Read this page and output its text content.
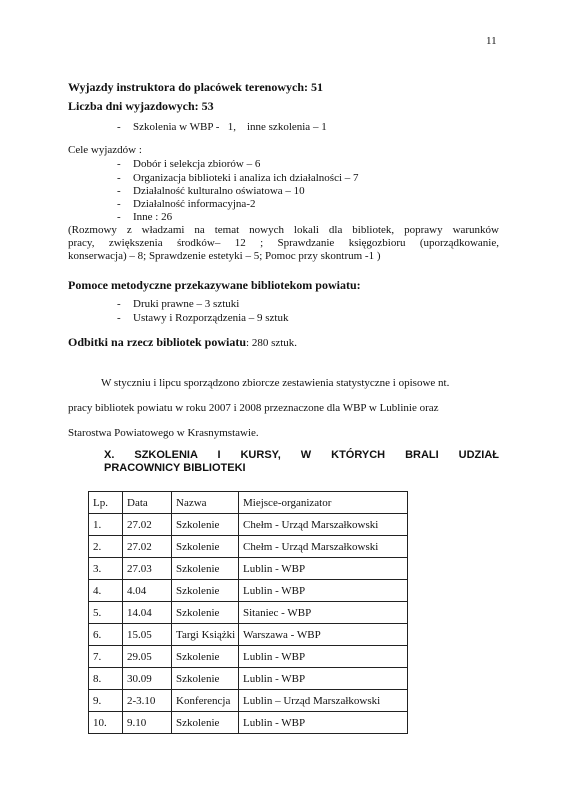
11
Wyjazdy instruktora do placówek terenowych: 51
Liczba dni wyjazdowych: 53
- Szkolenia w WBP -   1,    inne szkolenia – 1
Cele wyjazdów :
- Dobór i selekcja zbiorów – 6
- Organizacja biblioteki i analiza ich działalności – 7
- Działalność kulturalno oświatowa – 10
- Działalność informacyjna-2
- Inne : 26

(Rozmowy z władzami na temat nowych lokali dla bibliotek, poprawy warunków

pracy, zwiększenia środków– 12 ; Sprawdzanie księgozbioru (uporządkowanie,

konserwacja) – 8; Sprawdzenie estetyki – 5; Pomoc przy skontrum -1 )

Pomoce metodyczne przekazywane bibliotekom powiatu:
- Druki prawne – 3 sztuki
- Ustawy i Rozporządzenia – 9 sztuk
Odbitki na rzecz bibliotek powiatu: 280 sztuk.

W styczniu i lipcu sporządzono zbiorcze zestawienia statystyczne i opisowe nt.

pracy bibliotek powiatu w roku 2007 i 2008 przeznaczone dla WBP w Lublinie oraz

Starostwa Powiatowego w Krasnymstawie.

X. SZKOLENIA I KURSY, W KTÓRYCH BRALI UDZIAŁ

PRACOWNICY BIBLIOTEKI

Lp.	Data	Nazwa	Miejsce-organizator
1.	27.02	Szkolenie	Chełm - Urząd Marszałkowski
2.	27.02	Szkolenie	Chełm - Urząd Marszałkowski
3.	27.03	Szkolenie	Lublin - WBP
4.	4.04	Szkolenie	Lublin - WBP
5.	14.04	Szkolenie	Sitaniec - WBP
6.	15.05	Targi Książki	Warszawa - WBP
7.	29.05	Szkolenie	Lublin - WBP
8.	30.09	Szkolenie	Lublin - WBP
9.	2-3.10	Konferencja	Lublin – Urząd Marszałkowski
10.	9.10	Szkolenie	Lublin - WBP
